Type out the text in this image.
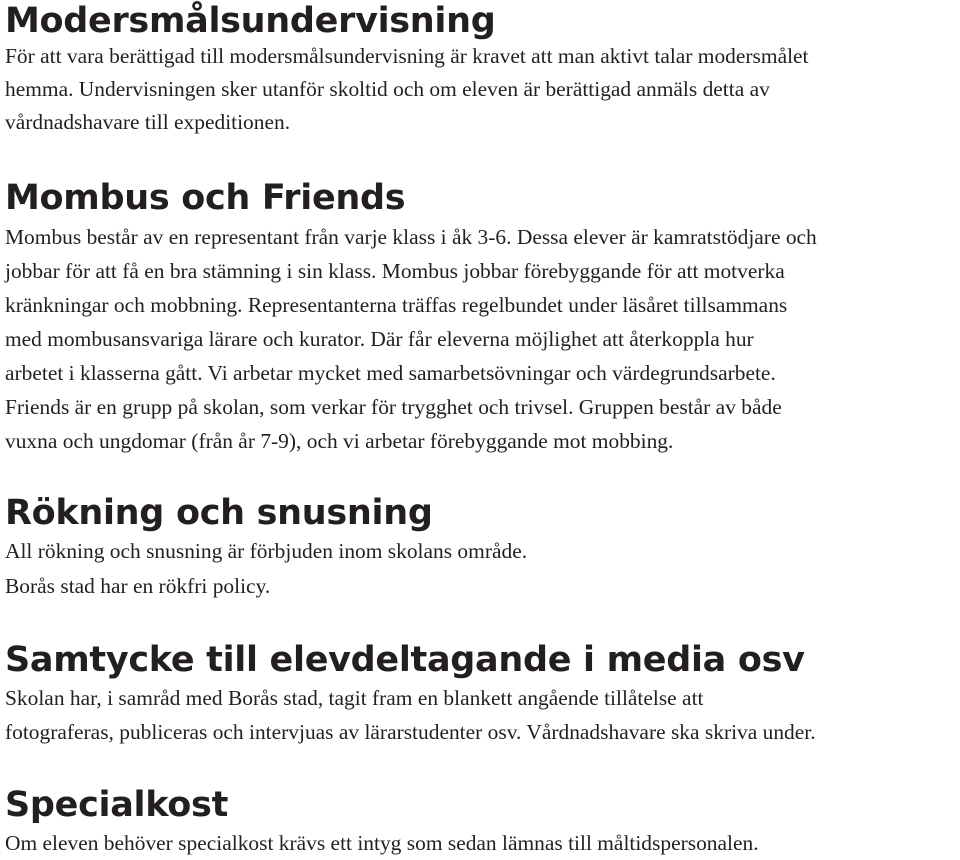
Modersmålsundervisning
För att vara berättigad till modersmålsundervisning är kravet att man aktivt talar modersmålet
hemma. Undervisningen sker utanför skoltid och om eleven är berättigad anmäls detta av
vårdnadshavare till expeditionen.
Mombus och Friends
Mombus består av en representant från varje klass i åk 3-6. Dessa elever är kamratstödjare och
jobbar för att få en bra stämning i sin klass. Mombus jobbar förebyggande för att motverka
kränkningar och mobbning. Representanterna träffas regelbundet under läsåret tillsammans
med mombusansvariga lärare och kurator. Där får eleverna möjlighet att återkoppla hur
arbetet i klasserna gått. Vi arbetar mycket med samarbetsövningar och värdegrundsarbete.
Friends är en grupp på skolan, som verkar för trygghet och trivsel. Gruppen består av både
vuxna och ungdomar (från år 7-9), och vi arbetar förebyggande mot mobbing.
Rökning och snusning
All rökning och snusning är förbjuden inom skolans område.
Borås stad har en rökfri policy.
Samtycke till elevdeltagande i media osv
Skolan har, i samråd med Borås stad, tagit fram en blankett angående tillåtelse att
fotograferas, publiceras och intervjuas av lärarstudenter osv. Vårdnadshavare ska skriva under.
Specialkost
Om eleven behöver specialkost krävs ett intyg som sedan lämnas till måltidspersonalen.
